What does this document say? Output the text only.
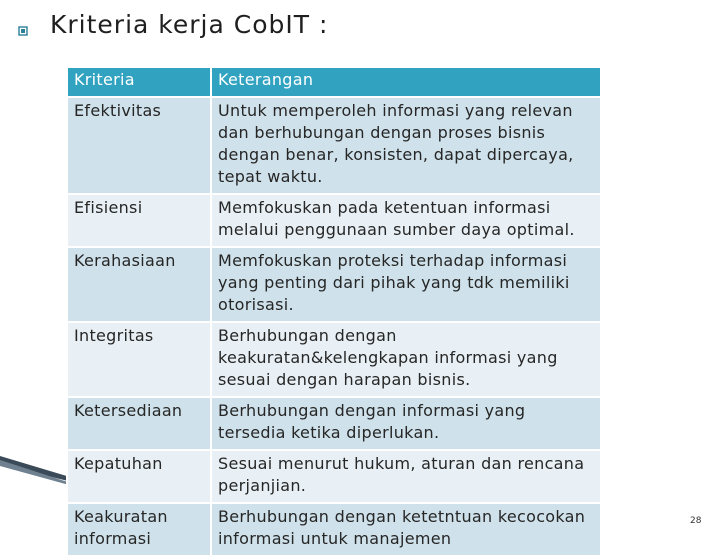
Kriteria kerja CobIT :
Kriteria	Keterangan
Efektivitas	Untuk memperoleh informasi yang relevan dan berhubungan dengan proses bisnis dengan benar, konsisten, dapat dipercaya, tepat waktu.
Efisiensi	Memfokuskan pada ketentuan informasi melalui penggunaan sumber daya optimal.
Kerahasiaan	Memfokuskan proteksi terhadap informasi yang penting dari pihak yang tdk memiliki otorisasi.
Integritas	Berhubungan dengan keakuratan&kelengkapan informasi yang sesuai dengan harapan bisnis.
Ketersediaan	Berhubungan dengan informasi yang tersedia ketika diperlukan.
Kepatuhan	Sesuai menurut hukum, aturan dan rencana perjanjian.
Keakuratan informasi	Berhubungan dengan ketetntuan kecocokan informasi untuk manajemen
28
